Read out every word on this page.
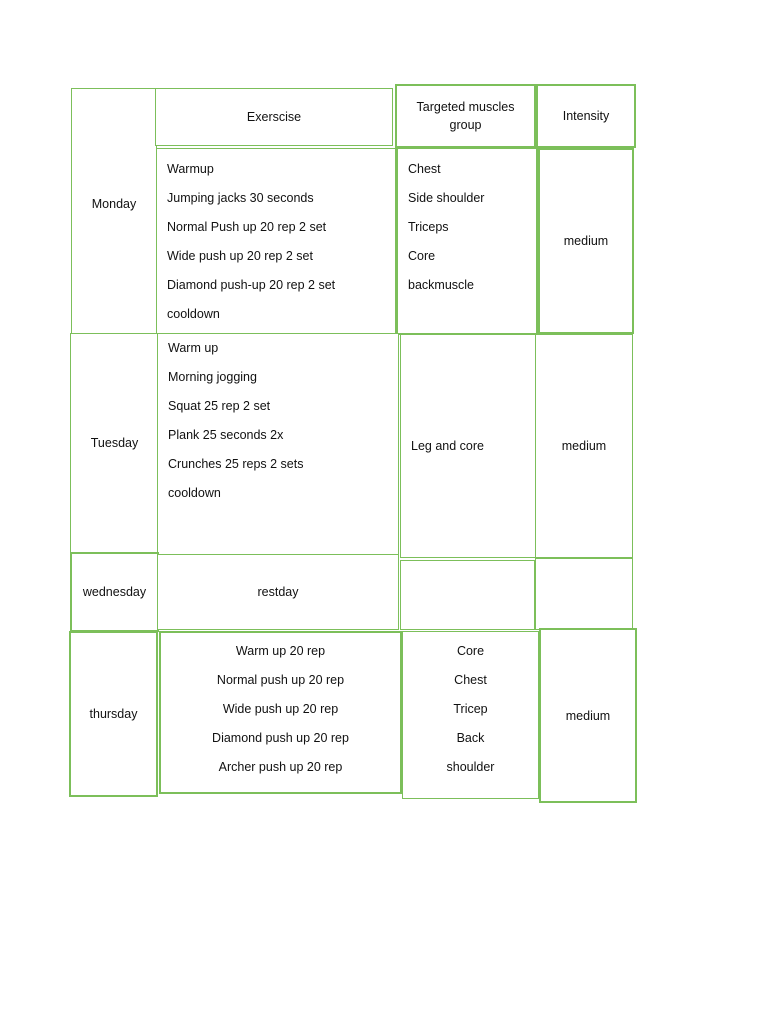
Exerscise
Targeted muscles group
Intensity
Monday
Warmup
Jumping jacks 30 seconds
Normal Push up 20 rep 2 set
Wide push up 20 rep 2 set
Diamond push-up 20 rep 2 set
cooldown
Chest
Side shoulder
Triceps
Core
backmuscle
medium
Tuesday
Warm up
Morning jogging
Squat 25 rep 2 set
Plank 25 seconds 2x
Crunches 25 reps 2 sets
cooldown
Leg and core	medium
wednesday	restday
thursday
Warm up 20 rep
Normal push up 20 rep
Wide push up 20 rep
Diamond push up 20 rep
Archer push up 20 rep
Core
Chest
Tricep
Back
shoulder
medium
